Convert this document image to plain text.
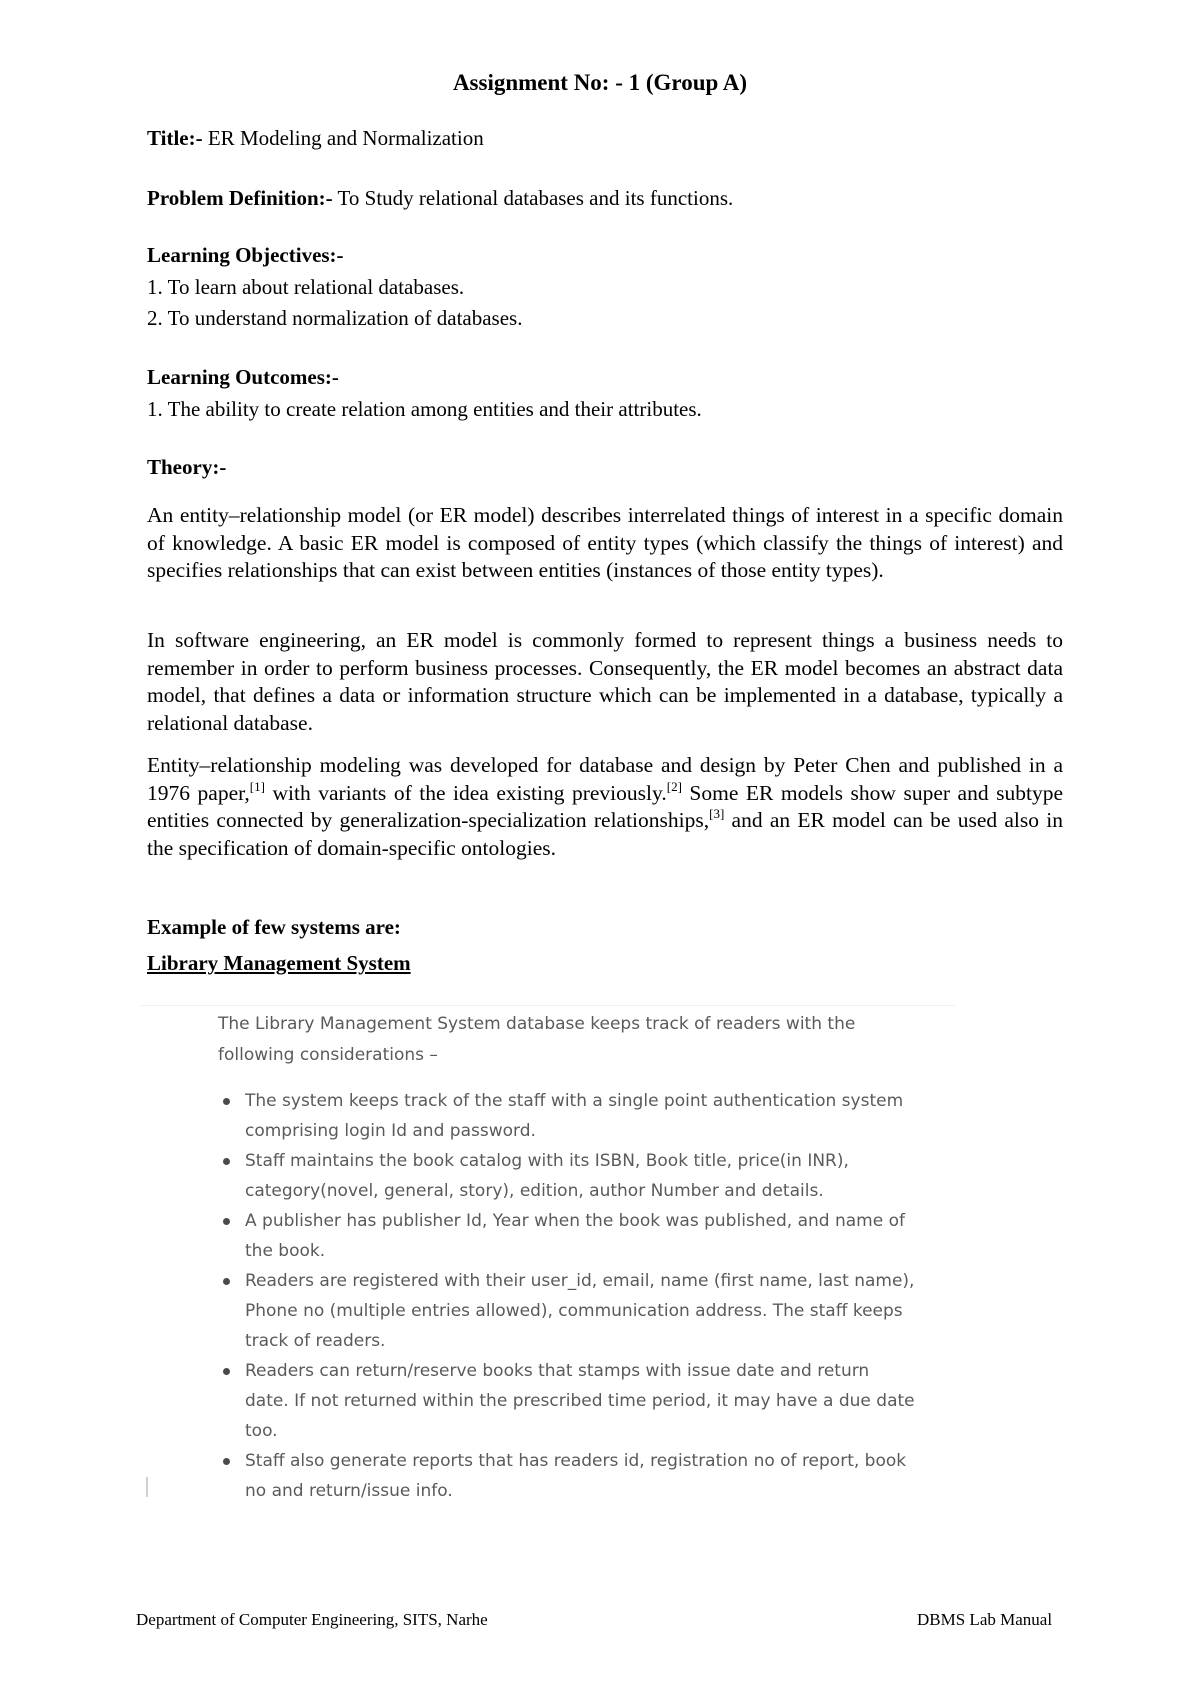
Assignment No: - 1 (Group A)
Title:- ER Modeling and Normalization
Problem Definition:- To Study relational databases and its functions.
Learning Objectives:-
1. To learn about relational databases.
2. To understand normalization of databases.
Learning Outcomes:-
1. The ability to create relation among entities and their attributes.
Theory:-

An entity–relationship model (or ER model) describes interrelated things of interest in a specific domain of knowledge. A basic ER model is composed of entity types (which classify the things of interest) and specifies relationships that can exist between entities (instances of those entity types).

In software engineering, an ER model is commonly formed to represent things a business needs to remember in order to perform business processes. Consequently, the ER model becomes an abstract data model, that defines a data or information structure which can be implemented in a database, typically a relational database.

Entity–relationship modeling was developed for database and design by Peter Chen and published in a 1976 paper,[1] with variants of the idea existing previously.[2] Some ER models show super and subtype entities connected by generalization-specialization relationships,[3] and an ER model can be used also in the specification of domain-specific ontologies.

Example of few systems are:
Library Management System

The Library Management System database keeps track of readers with the following considerations –

The system keeps track of the staff with a single point authentication system comprising login Id and password.
Staff maintains the book catalog with its ISBN, Book title, price(in INR), category(novel, general, story), edition, author Number and details.
A publisher has publisher Id, Year when the book was published, and name of the book.
Readers are registered with their user_id, email, name (first name, last name), Phone no (multiple entries allowed), communication address. The staff keeps track of readers.
Readers can return/reserve books that stamps with issue date and return date. If not returned within the prescribed time period, it may have a due date too.
Staff also generate reports that has readers id, registration no of report, book no and return/issue info.
Department of Computer Engineering, SITS, Narhe	DBMS Lab Manual
